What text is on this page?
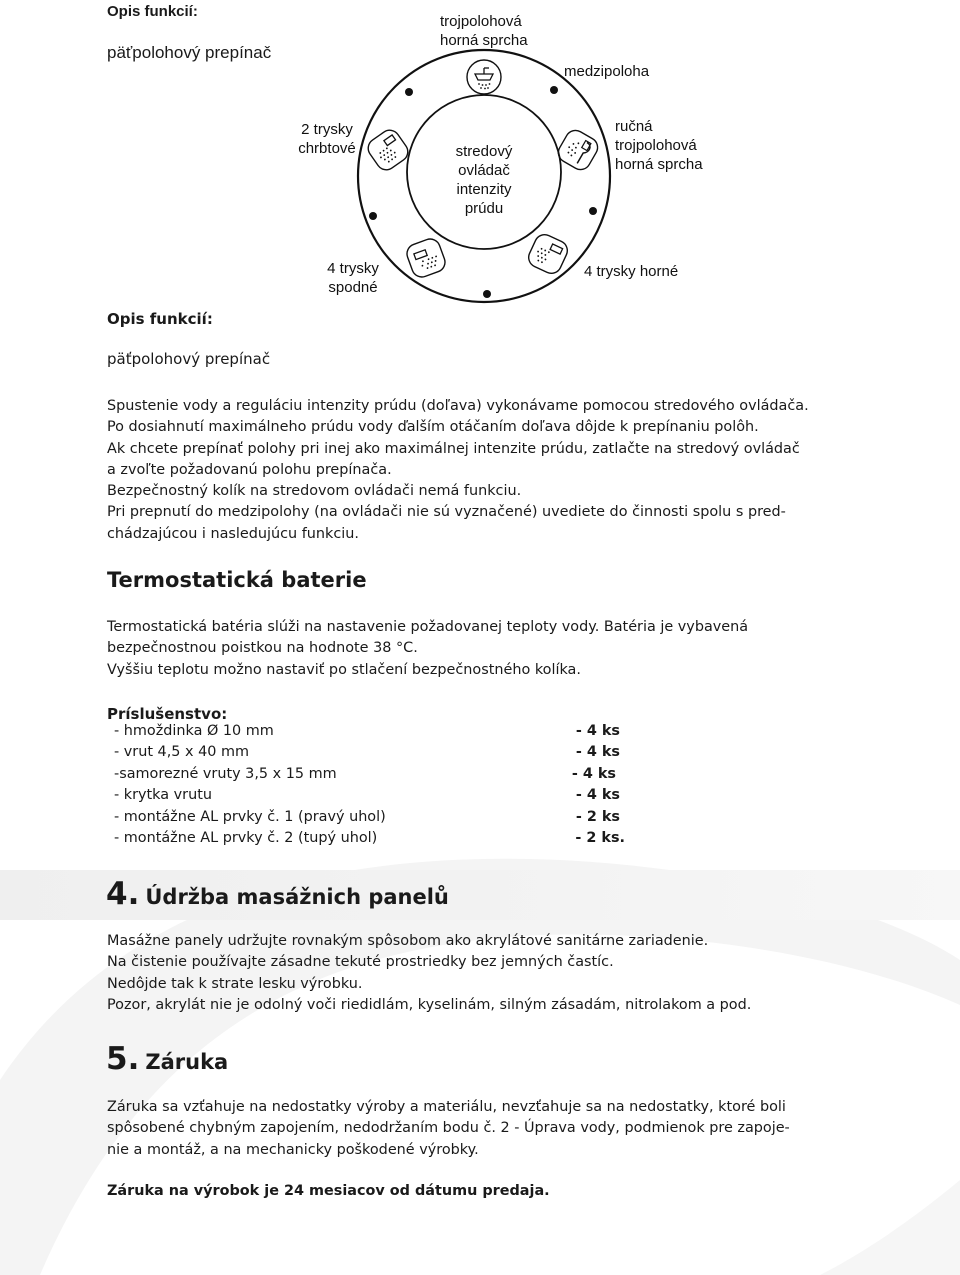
Opis funkcií:
päťpolohový prepínač
trojpolohová
horná sprcha
medzipoloha
ručná
trojpolohová
horná sprcha
2 trysky
chrbtové	stredový
ovládač
intenzity
prúdu
4 trysky
spodné
4 trysky horné
Opis funkcií:
päťpolohový prepínač

Spustenie vody a reguláciu intenzity prúdu (doľava) vykonávame pomocou stredového ovládača.
Po dosiahnutí maximálneho prúdu vody ďalším otáčaním doľava dôjde k prepínaniu polôh.
Ak chcete prepínať polohy pri inej ako maximálnej intenzite prúdu, zatlačte na stredový ovládač
a zvoľte požadovanú polohu prepínača.
Bezpečnostný kolík na stredovom ovládači nemá funkciu.
Pri prepnutí do medzipolohy (na ovládači nie sú vyznačené) uvediete do činnosti spolu s pred-
chádzajúcou i nasledujúcu funkciu.

Termostatická baterie

Termostatická batéria slúži na nastavenie požadovanej teploty vody. Batéria je vybavená
bezpečnostnou poistkou na hodnote 38 °C.
Vyššiu teplotu možno nastaviť po stlačení bezpečnostného kolíka.

Príslušenstvo:
- hmoždinka Ø 10 mm	- 4 ks
- vrut 4,5 x 40 mm	- 4 ks
-samorezné vruty 3,5 x 15 mm	- 4 ks
- krytka vrutu	- 4 ks
- montážne AL prvky č. 1 (pravý uhol)	- 2 ks
- montážne AL prvky č. 2 (tupý uhol)	- 2 ks.
4. Údržba masážnich panelů

Masážne panely udržujte rovnakým spôsobom ako akrylátové sanitárne zariadenie.
Na čistenie používajte zásadne tekuté prostriedky bez jemných častíc.
Nedôjde tak k strate lesku výrobku.
Pozor, akrylát nie je odolný voči riedidlám, kyselinám, silným zásadám, nitrolakom a pod.

5. Záruka

Záruka sa vzťahuje na nedostatky výroby a materiálu, nevzťahuje sa na nedostatky, ktoré boli
spôsobené chybným zapojením, nedodržaním bodu č. 2 - Úprava vody, podmienok pre zapoje-
nie a montáž, a na mechanicky poškodené výrobky.

Záruka na výrobok je 24 mesiacov od dátumu predaja.
